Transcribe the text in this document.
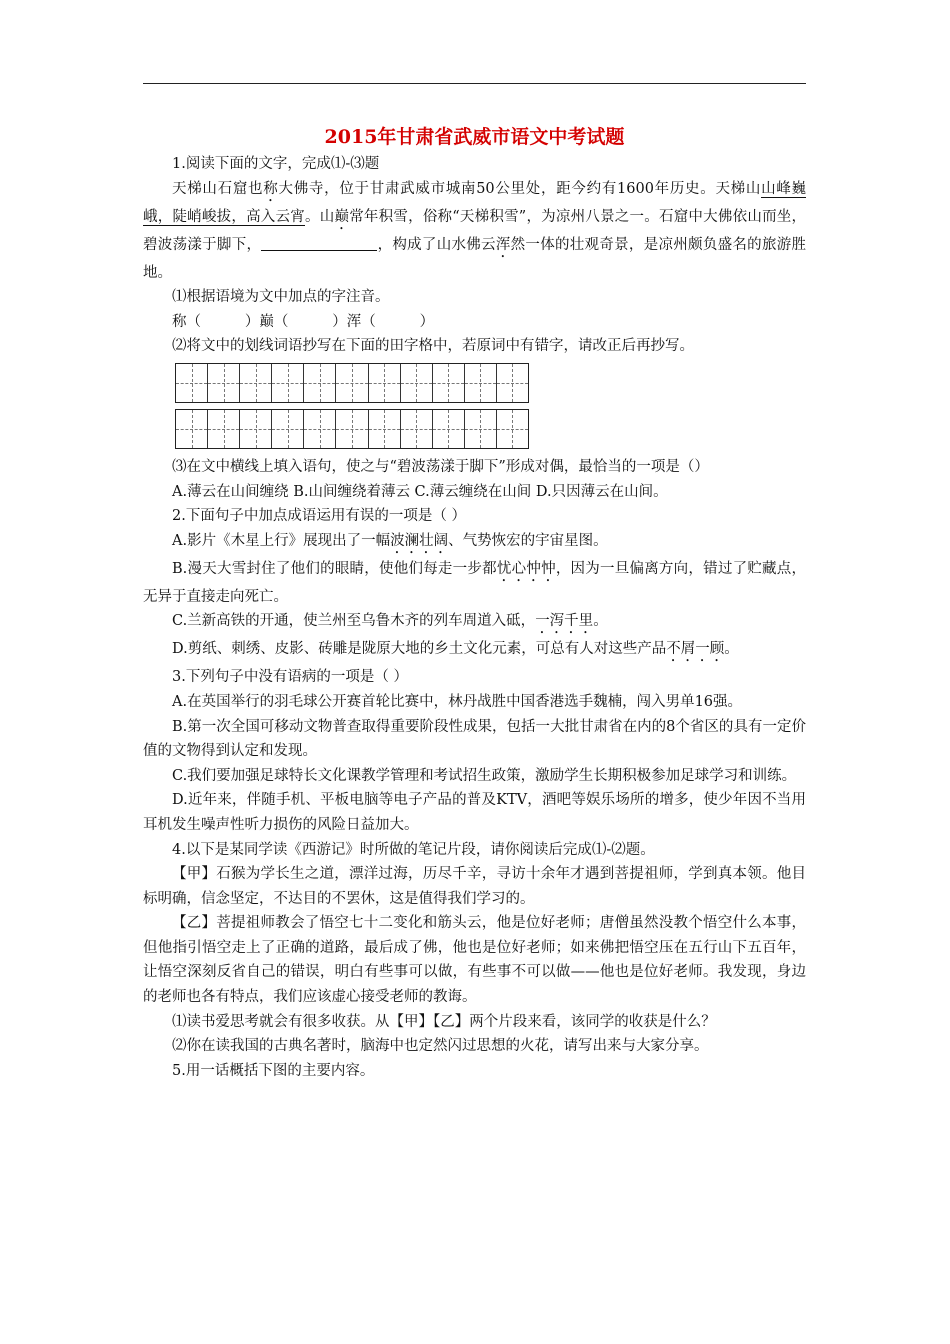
2015年甘肃省武威市语文中考试题

1.阅读下面的文字，完成⑴-⑶题

天梯山石窟也称大佛寺，位于甘肃武威市城南50公里处，距今约有1600年历史。天梯山山峰巍峨，陡峭峻拔，高入云宵。山巅常年积雪，俗称“天梯积雪”，为凉州八景之一。石窟中大佛依山而坐，碧波荡漾于脚下，	，构成了山水佛云浑然一体的壮观奇景，是凉州颇负盛名的旅游胜地。

⑴根据语境为文中加点的字注音。

称（	）巅（	）浑（	）

⑵将文中的划线词语抄写在下面的田字格中，若原词中有错字，请改正后再抄写。

⑶在文中横线上填入语句，使之与“碧波荡漾于脚下”形成对偶，最恰当的一项是（）

A.薄云在山间缠绕 B.山间缠绕着薄云 C.薄云缠绕在山间 D.只因薄云在山间。

2.下面句子中加点成语运用有误的一项是（ ）

A.影片《木星上行》展现出了一幅波澜壮阔、气势恢宏的宇宙星图。

B.漫天大雪封住了他们的眼睛，使他们每走一步都忧心忡忡，因为一旦偏离方向，错过了贮藏点，无异于直接走向死亡。

C.兰新高铁的开通，使兰州至乌鲁木齐的列车周道入砥，一泻千里。

D.剪纸、刺绣、皮影、砖雕是陇原大地的乡土文化元素，可总有人对这些产品不屑一顾。

3.下列句子中没有语病的一项是（ ）

A.在英国举行的羽毛球公开赛首轮比赛中，林丹战胜中国香港选手魏楠，闯入男单16强。

B.第一次全国可移动文物普查取得重要阶段性成果，包括一大批甘肃省在内的8个省区的具有一定价值的文物得到认定和发现。

C.我们要加强足球特长文化课教学管理和考试招生政策，激励学生长期积极参加足球学习和训练。

D.近年来，伴随手机、平板电脑等电子产品的普及KTV，酒吧等娱乐场所的增多，使少年因不当用耳机发生噪声性听力损伤的风险日益加大。

4.以下是某同学读《西游记》时所做的笔记片段，请你阅读后完成⑴-⑵题。

【甲】石猴为学长生之道，漂洋过海，历尽千辛，寻访十余年才遇到菩提祖师，学到真本领。他目标明确，信念坚定，不达目的不罢休，这是值得我们学习的。

【乙】菩提祖师教会了悟空七十二变化和筋头云，他是位好老师；唐僧虽然没教个悟空什么本事，但他指引悟空走上了正确的道路，最后成了佛，他也是位好老师；如来佛把悟空压在五行山下五百年，让悟空深刻反省自己的错误，明白有些事可以做，有些事不可以做——他也是位好老师。我发现，身边的老师也各有特点，我们应该虚心接受老师的教诲。

⑴读书爱思考就会有很多收获。从【甲】【乙】两个片段来看，该同学的收获是什么？

⑵你在读我国的古典名著时，脑海中也定然闪过思想的火花，请写出来与大家分享。

5.用一话概括下图的主要内容。
